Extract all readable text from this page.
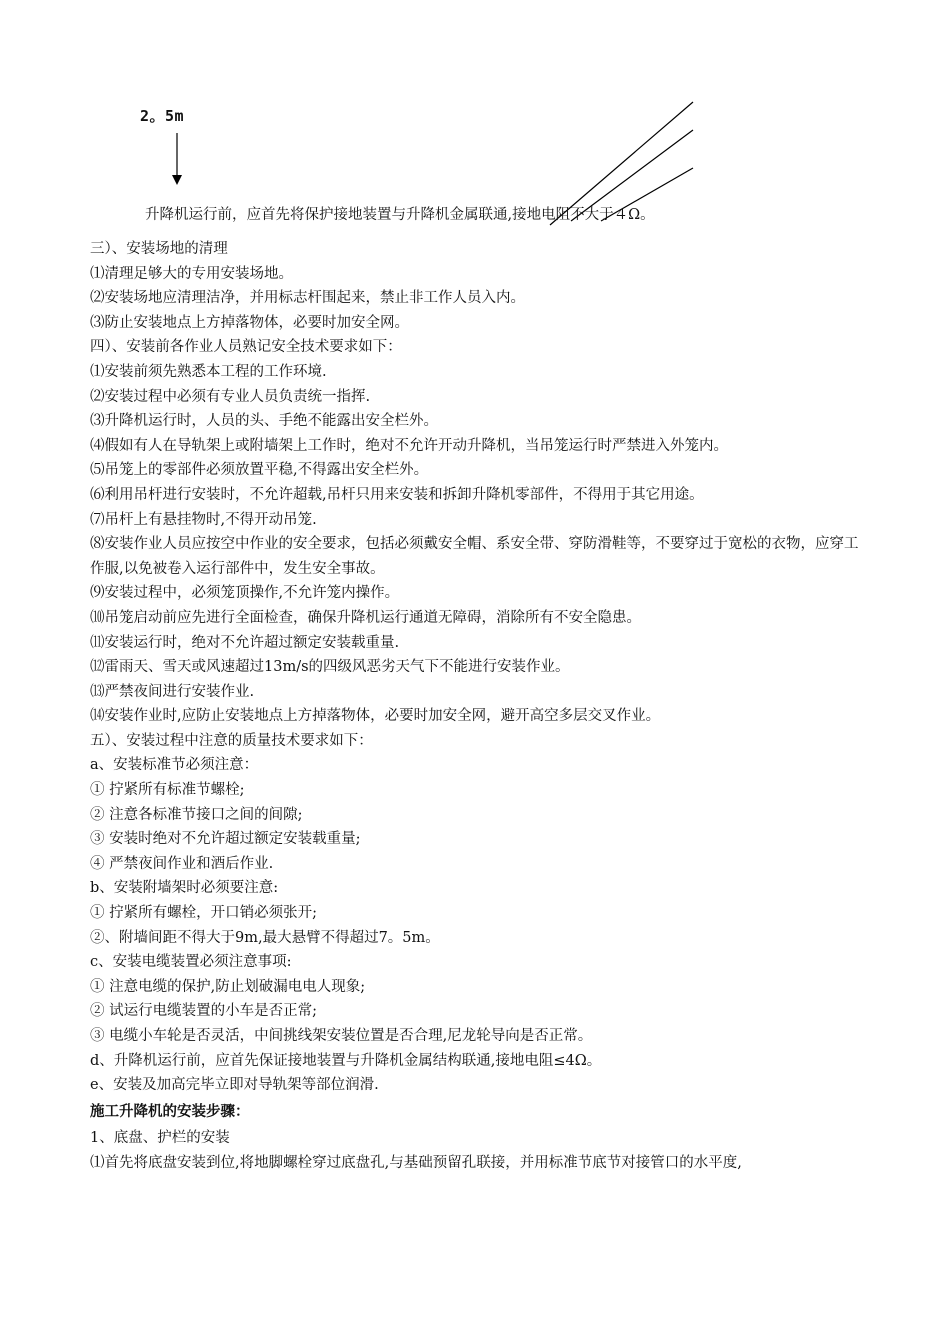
2。5m
升降机运行前，应首先将保护接地装置与升降机金属联通,接地电阻不大于４Ω。
三）、安装场地的清理
⑴清理足够大的专用安装场地。
⑵安装场地应清理洁净，并用标志杆围起来，禁止非工作人员入内。
⑶防止安装地点上方掉落物体，必要时加安全网。
四）、安装前各作业人员熟记安全技术要求如下：
⑴安装前须先熟悉本工程的工作环境.
⑵安装过程中必须有专业人员负责统一指挥.
⑶升降机运行时，人员的头、手绝不能露出安全栏外。
⑷假如有人在导轨架上或附墙架上工作时，绝对不允许开动升降机，当吊笼运行时严禁进入外笼内。
⑸吊笼上的零部件必须放置平稳,不得露出安全栏外。
⑹利用吊杆进行安装时，不允许超载,吊杆只用来安装和拆卸升降机零部件，不得用于其它用途。
⑺吊杆上有悬挂物时,不得开动吊笼.
⑻安装作业人员应按空中作业的安全要求，包括必须戴安全帽、系安全带、穿防滑鞋等，不要穿过于宽松的衣物，应穿工作服,以免被卷入运行部件中，发生安全事故。
⑼安装过程中，必须笼顶操作,不允许笼内操作。
⑽吊笼启动前应先进行全面检查，确保升降机运行通道无障碍，消除所有不安全隐患。
⑾安装运行时，绝对不允许超过额定安装载重量.
⑿雷雨天、雪天或风速超过13m/s的四级风恶劣天气下不能进行安装作业。
⒀严禁夜间进行安装作业.
⒁安装作业时,应防止安装地点上方掉落物体，必要时加安全网，避开高空多层交叉作业。
五）、安装过程中注意的质量技术要求如下：
a、安装标准节必须注意：
① 拧紧所有标准节螺栓;
② 注意各标准节接口之间的间隙;
③ 安装时绝对不允许超过额定安装载重量;
④ 严禁夜间作业和酒后作业.
b、安装附墙架时必须要注意:
① 拧紧所有螺栓，开口销必须张开;
②、附墙间距不得大于9m,最大悬臂不得超过7。5m。
c、安装电缆装置必须注意事项:
① 注意电缆的保护,防止划破漏电电人现象;
② 试运行电缆装置的小车是否正常;
③ 电缆小车轮是否灵活，中间挑线架安装位置是否合理,尼龙轮导向是否正常。
d、升降机运行前，应首先保证接地装置与升降机金属结构联通,接地电阻≤4Ω。
e、安装及加高完毕立即对导轨架等部位润滑.
施工升降机的安装步骤：
1、底盘、护栏的安装
⑴首先将底盘安装到位,将地脚螺栓穿过底盘孔,与基础预留孔联接，并用标准节底节对接管口的水平度,
